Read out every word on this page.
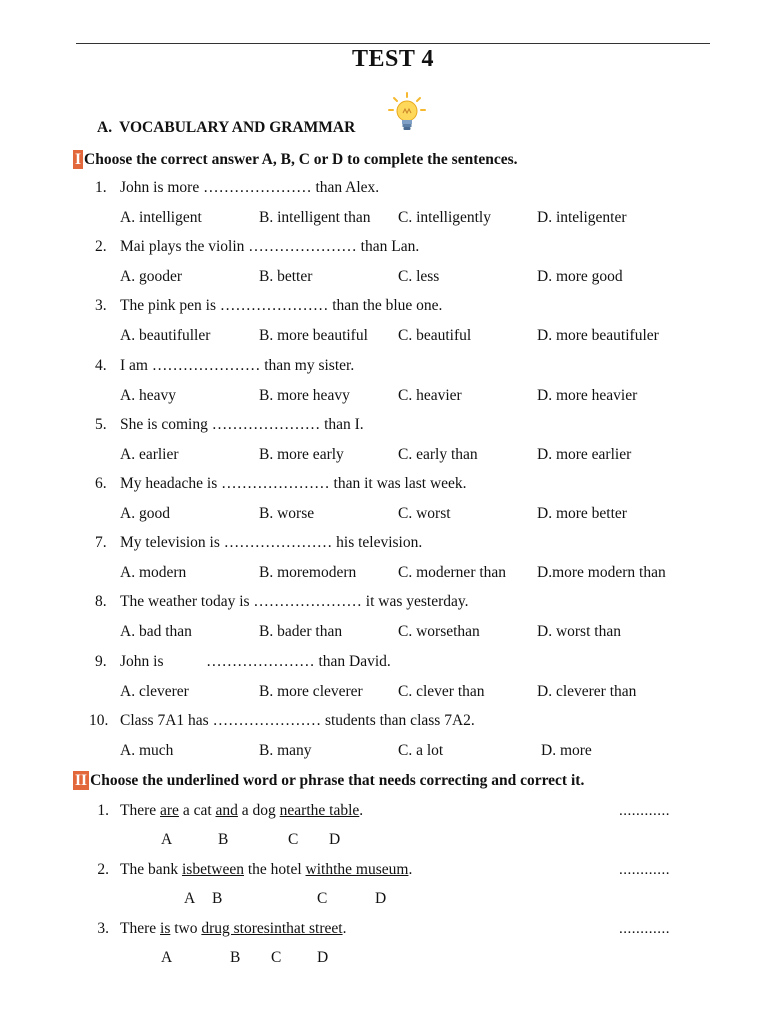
TEST 4
A. VOCABULARY AND GRAMMAR
I Choose the correct answer A, B, C or D to complete the sentences.
1. John is more ………………… than Alex.
A. intelligent	B. intelligent than C. intelligently	D. inteligenter
2. Mai plays the violin ………………… than Lan.
A. gooder	B. better	C. less	D. more good
3. The pink pen is ………………… than the blue one.
A. beautifuller	B. more beautiful C. beautiful	D. more beautifuler
4. I am ………………… than my sister.
A. heavy	B. more heavy	C. heavier	D. more heavier
5. She is coming ………………… than I.
A. earlier	B. more early	C. early than	D. more earlier
6. My headache is ………………… than it was last week.
A. good	B. worse	C. worst	D. more better
7. My television is ………………… his television.
A. modern	B. moremodern	C. moderner than D.more modern than
8. The weather today is ………………… it was yesterday.
A. bad than	B. bader than	C. worsethan	D. worst than
9. John is           ………………… than David.
A. cleverer	B. more cleverer C. clever than	D. cleverer than
10. Class 7A1 has ………………… students than class 7A2.
A. much	B. many	C. a lot	D. more
II Choose the underlined word or phrase that needs correcting and correct it.
1. There are a cat and a dog nearthe table.	............
A	B	C D
2. The bank isbetween the hotel withthe museum.	............
A B	C	D
3. There is two drug storesinthat street.	............
A	B C D
